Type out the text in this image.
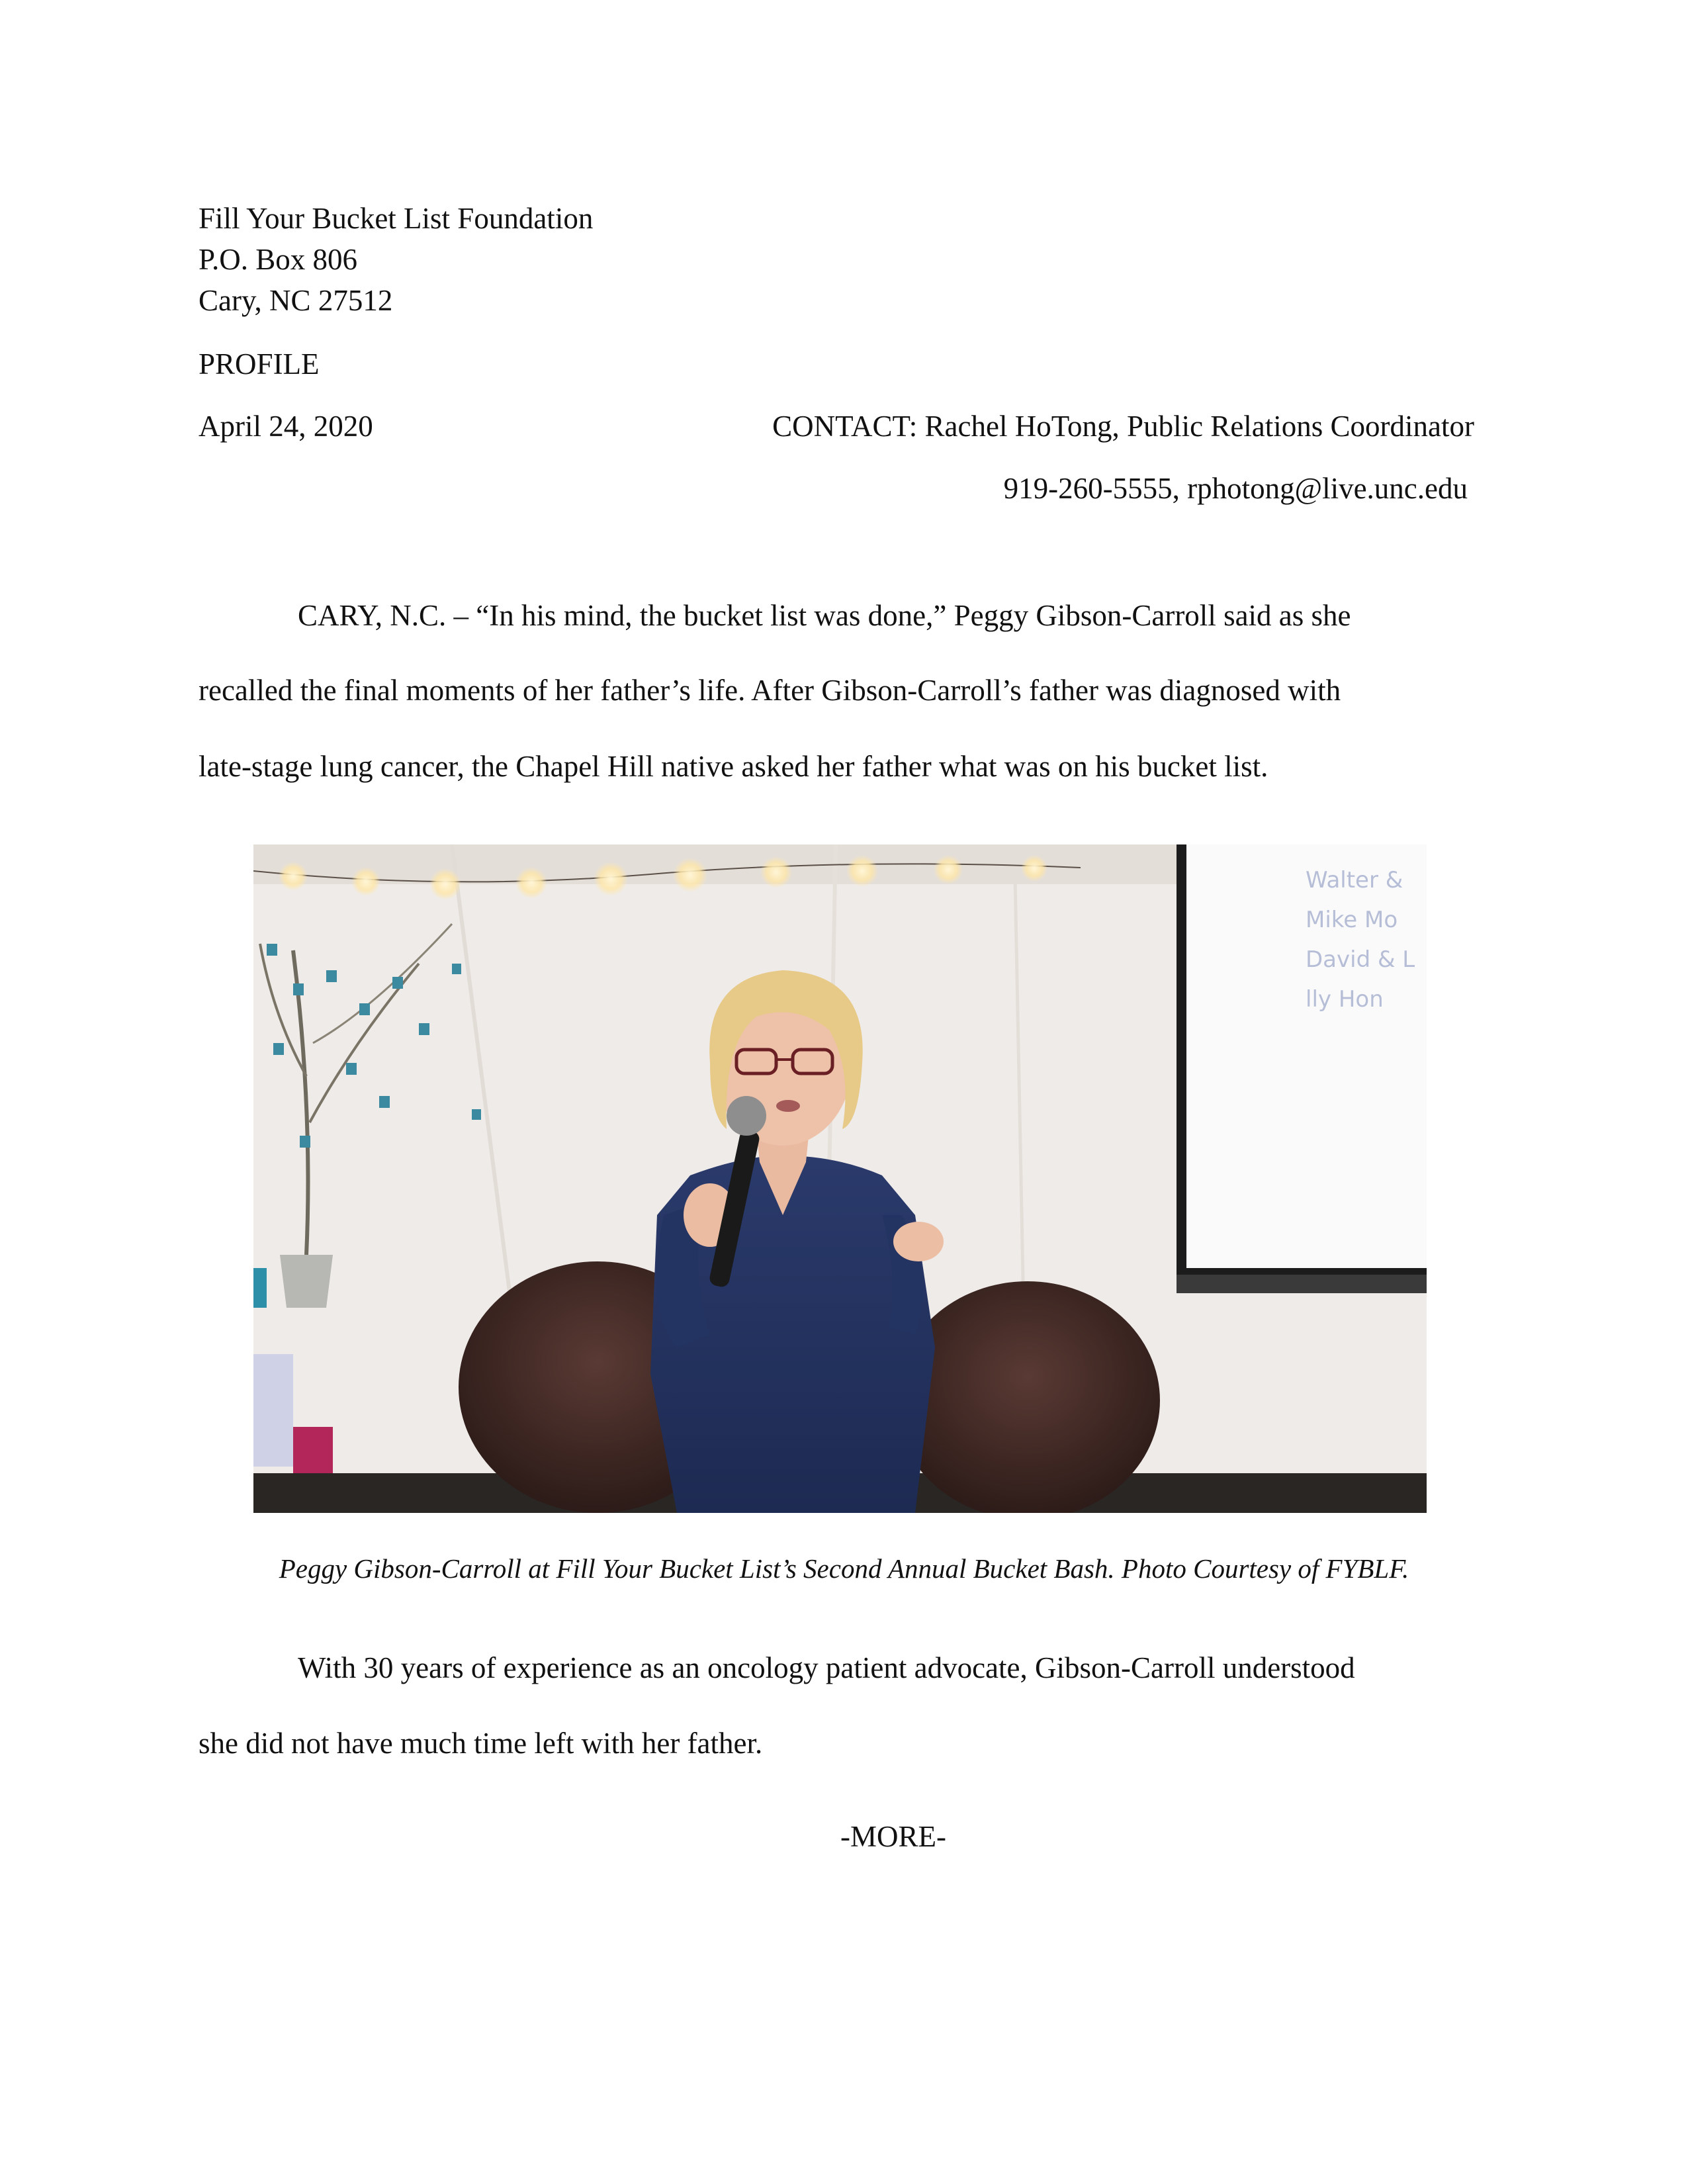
Fill Your Bucket List Foundation
P.O. Box 806
Cary, NC 27512
PROFILE
April 24, 2020	CONTACT: Rachel HoTong, Public Relations Coordinator
919-260-5555, rphotong@live.unc.edu
CARY, N.C. – “In his mind, the bucket list was done,” Peggy Gibson-Carroll said as she
recalled the final moments of her father’s life. After Gibson-Carroll’s father was diagnosed with
late-stage lung cancer, the Chapel Hill native asked her father what was on his bucket list.
Walter &
Mike Mo
David & L
lly Hon
Peggy Gibson-Carroll at Fill Your Bucket List’s Second Annual Bucket Bash. Photo Courtesy of FYBLF.
With 30 years of experience as an oncology patient advocate, Gibson-Carroll understood
she did not have much time left with her father.
-MORE-
